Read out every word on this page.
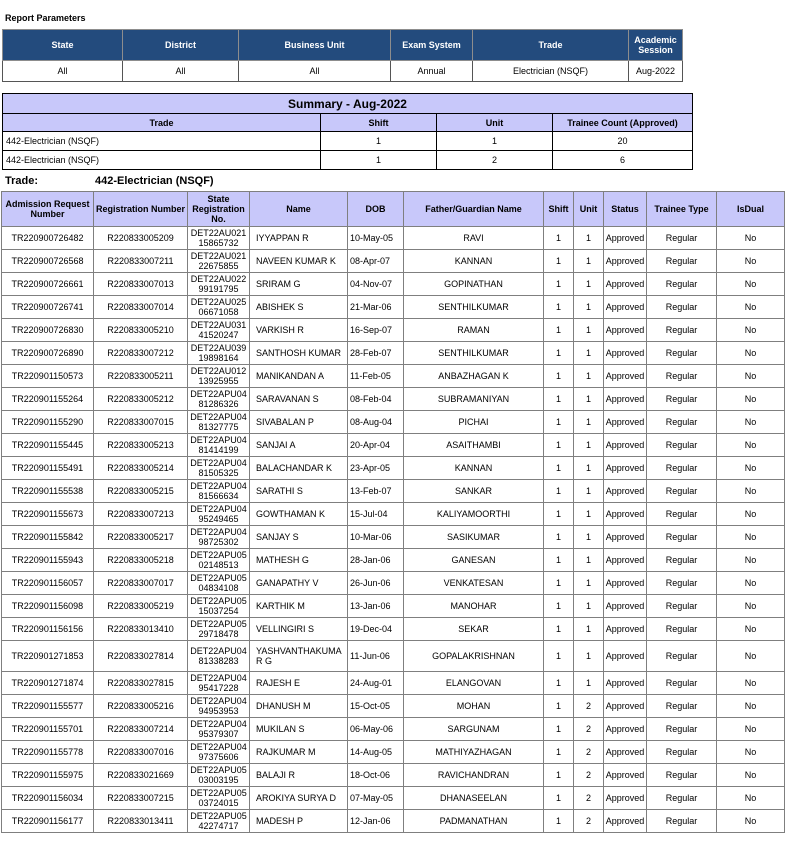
Report Parameters
State	District	Business Unit	Exam System	Trade	Academic Session
All	All	All	Annual	Electrician (NSQF)	Aug-2022
Summary - Aug-2022			
Trade	Shift	Unit	Trainee Count (Approved)
442-Electrician (NSQF)	1	1	20
442-Electrician (NSQF)	1	2	6
Trade:	442-Electrician (NSQF)
Admission Request Number	Registration Number	State Registration No.	Name	DOB	Father/Guardian Name	Shift	Unit	Status	Trainee Type	IsDual
TR220900726482	R220833005209	DET22AU021 15865732	IYYAPPAN R	10-May-05	RAVI	1	1	Approved	Regular	No
TR220900726568	R220833007211	DET22AU021 22675855	NAVEEN KUMAR K	08-Apr-07	KANNAN	1	1	Approved	Regular	No
TR220900726661	R220833007013	DET22AU022 99191795	SRIRAM G	04-Nov-07	GOPINATHAN	1	1	Approved	Regular	No
TR220900726741	R220833007014	DET22AU025 06671058	ABISHEK S	21-Mar-06	SENTHILKUMAR	1	1	Approved	Regular	No
TR220900726830	R220833005210	DET22AU031 41520247	VARKISH R	16-Sep-07	RAMAN	1	1	Approved	Regular	No
TR220900726890	R220833007212	DET22AU039 19898164	SANTHOSH KUMAR	28-Feb-07	SENTHILKUMAR	1	1	Approved	Regular	No
TR220901150573	R220833005211	DET22AU012 13925955	MANIKANDAN A	11-Feb-05	ANBAZHAGAN K	1	1	Approved	Regular	No
TR220901155264	R220833005212	DET22APU04 81286326	SARAVANAN S	08-Feb-04	SUBRAMANIYAN	1	1	Approved	Regular	No
TR220901155290	R220833007015	DET22APU04 81327775	SIVABALAN P	08-Aug-04	PICHAI	1	1	Approved	Regular	No
TR220901155445	R220833005213	DET22APU04 81414199	SANJAI A	20-Apr-04	ASAITHAMBI	1	1	Approved	Regular	No
TR220901155491	R220833005214	DET22APU04 81505325	BALACHANDAR K	23-Apr-05	KANNAN	1	1	Approved	Regular	No
TR220901155538	R220833005215	DET22APU04 81566634	SARATHI S	13-Feb-07	SANKAR	1	1	Approved	Regular	No
TR220901155673	R220833007213	DET22APU04 95249465	GOWTHAMAN K	15-Jul-04	KALIYAMOORTHI	1	1	Approved	Regular	No
TR220901155842	R220833005217	DET22APU04 98725302	SANJAY S	10-Mar-06	SASIKUMAR	1	1	Approved	Regular	No
TR220901155943	R220833005218	DET22APU05 02148513	MATHESH G	28-Jan-06	GANESAN	1	1	Approved	Regular	No
TR220901156057	R220833007017	DET22APU05 04834108	GANAPATHY V	26-Jun-06	VENKATESAN	1	1	Approved	Regular	No
TR220901156098	R220833005219	DET22APU05 15037254	KARTHIK M	13-Jan-06	MANOHAR	1	1	Approved	Regular	No
TR220901156156	R220833013410	DET22APU05 29718478	VELLINGIRI S	19-Dec-04	SEKAR	1	1	Approved	Regular	No
TR220901271853	R220833027814	DET22APU04 81338283	YASHVANTHAKUMA R G	11-Jun-06	GOPALAKRISHNAN	1	1	Approved	Regular	No
TR220901271874	R220833027815	DET22APU04 95417228	RAJESH E	24-Aug-01	ELANGOVAN	1	1	Approved	Regular	No
TR220901155577	R220833005216	DET22APU04 94953953	DHANUSH M	15-Oct-05	MOHAN	1	2	Approved	Regular	No
TR220901155701	R220833007214	DET22APU04 95379307	MUKILAN S	06-May-06	SARGUNAM	1	2	Approved	Regular	No
TR220901155778	R220833007016	DET22APU04 97375606	RAJKUMAR M	14-Aug-05	MATHIYAZHAGAN	1	2	Approved	Regular	No
TR220901155975	R220833021669	DET22APU05 03003195	BALAJI R	18-Oct-06	RAVICHANDRAN	1	2	Approved	Regular	No
TR220901156034	R220833007215	DET22APU05 03724015	AROKIYA SURYA D	07-May-05	DHANASEELAN	1	2	Approved	Regular	No
TR220901156177	R220833013411	DET22APU05 42274717	MADESH P	12-Jan-06	PADMANATHAN	1	2	Approved	Regular	No
